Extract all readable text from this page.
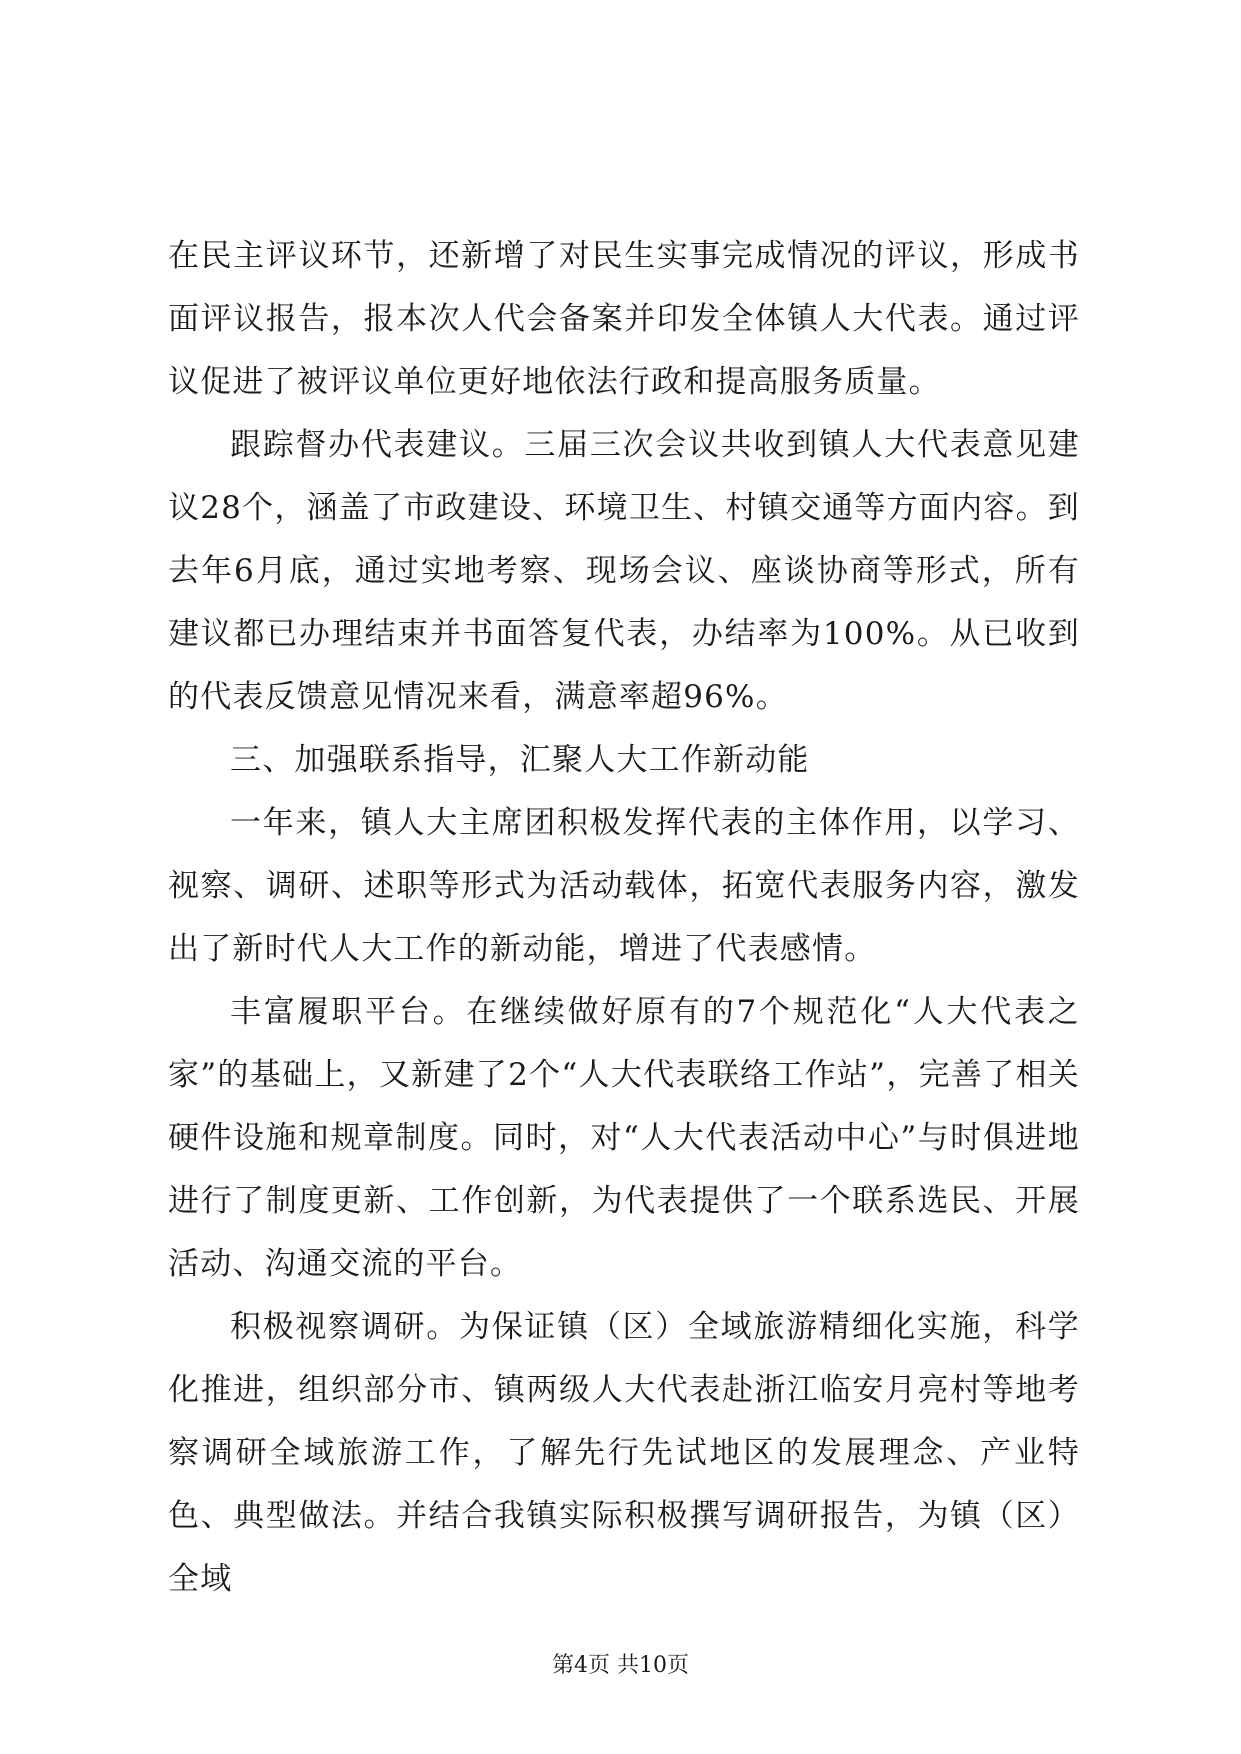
在民主评议环节，还新增了对民生实事完成情况的评议，形成书面评议报告，报本次人代会备案并印发全体镇人大代表。通过评议促进了被评议单位更好地依法行政和提高服务质量。

跟踪督办代表建议。三届三次会议共收到镇人大代表意见建议28个，涵盖了市政建设、环境卫生、村镇交通等方面内容。到去年6月底，通过实地考察、现场会议、座谈协商等形式，所有建议都已办理结束并书面答复代表，办结率为100%。从已收到的代表反馈意见情况来看，满意率超96%。

三、加强联系指导，汇聚人大工作新动能

一年来，镇人大主席团积极发挥代表的主体作用，以学习、视察、调研、述职等形式为活动载体，拓宽代表服务内容，激发出了新时代人大工作的新动能，增进了代表感情。

丰富履职平台。在继续做好原有的7个规范化“人大代表之家”的基础上，又新建了2个“人大代表联络工作站”，完善了相关硬件设施和规章制度。同时，对“人大代表活动中心”与时俱进地进行了制度更新、工作创新，为代表提供了一个联系选民、开展活动、沟通交流的平台。

积极视察调研。为保证镇（区）全域旅游精细化实施，科学化推进，组织部分市、镇两级人大代表赴浙江临安月亮村等地考察调研全域旅游工作，了解先行先试地区的发展理念、产业特色、典型做法。并结合我镇实际积极撰写调研报告，为镇（区）全域

第4页 共10页
